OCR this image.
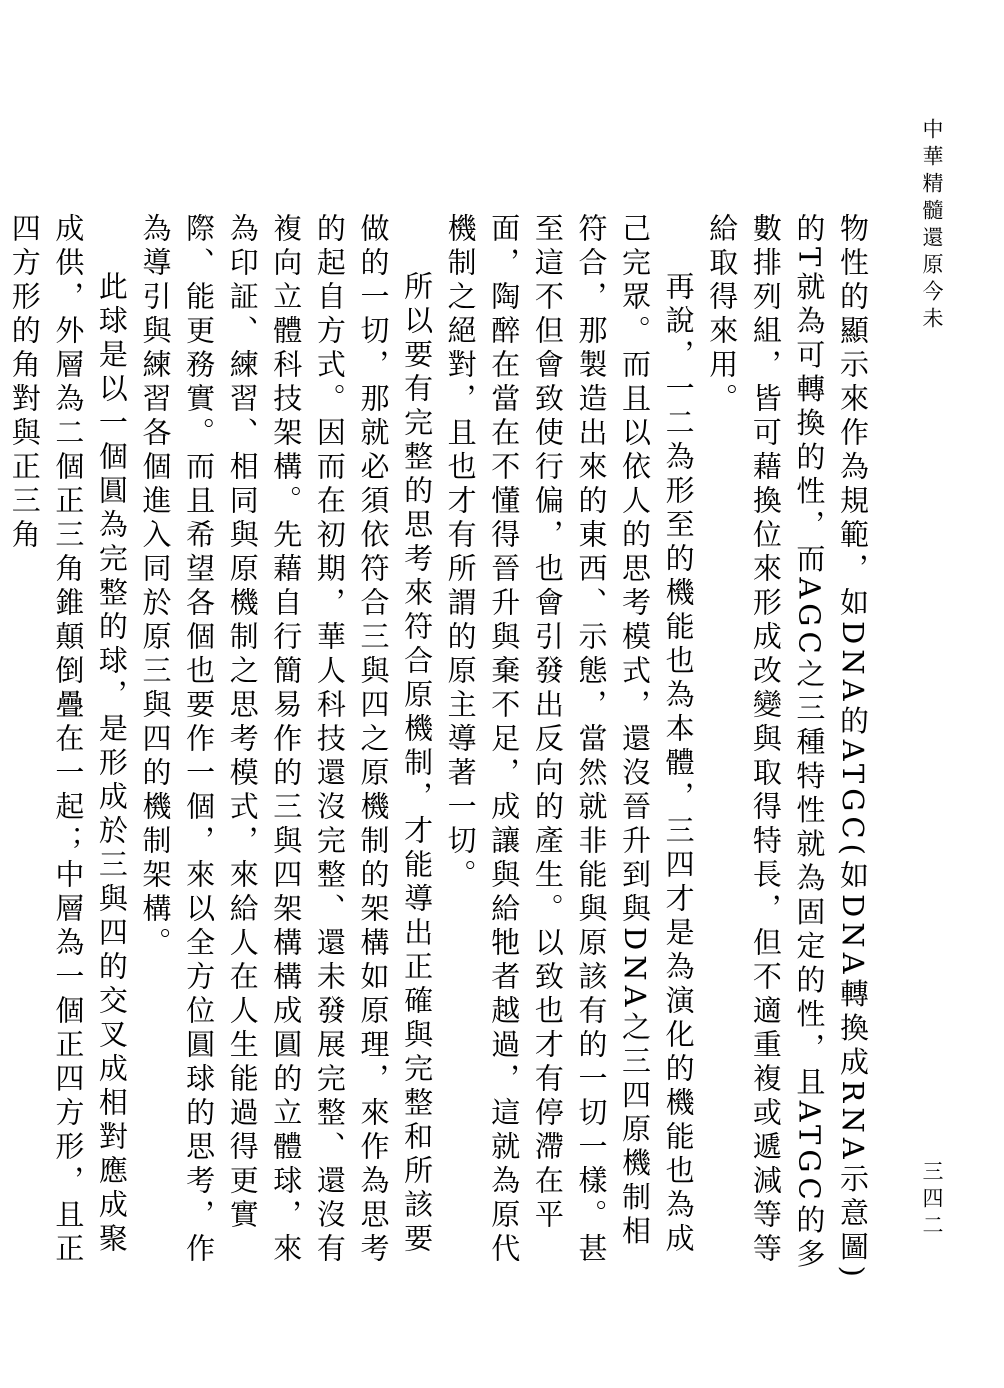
中華精髓還原今未
三四二

物性的顯示來作為規範，如DNA的ATGC(如DNA轉換成RNA示意圖)的T就為可轉換的性，而AGC之三種特性就為固定的性，且ATGC的多數排列組，皆可藉換位來形成改變與取得特長，但不適重複或遞減等等給取得來用。

再說，一二為形至的機能也為本體，三四才是為演化的機能也為成己完眾。而且以依人的思考模式，還沒晉升到與DNA之三四原機制相符合，那製造出來的東西、示態，當然就非能與原該有的一切一樣。甚至這不但會致使行偏，也會引發出反向的產生。以致也才有停滯在平面，陶醉在當在不懂得晉升與棄不足，成讓與給牠者越過，這就為原代機制之絕對，且也才有所謂的原主導著一切。

所以要有完整的思考來符合原機制，才能導出正確與完整和所該要做的一切，那就必須依符合三與四之原機制的架構如原理，來作為思考的起自方式。因而在初期，華人科技還沒完整、還未發展完整、還沒有複向立體科技架構。先藉自行簡易作的三與四架構構成圓的立體球，來為印証、練習、相同與原機制之思考模式，來給人在人生能過得更實際、能更務實。而且希望各個也要作一個，來以全方位圓球的思考，作為導引與練習各個進入同於原三與四的機制架構。

此球是以一個圓為完整的球，是形成於三與四的交叉成相對應成聚成供，外層為二個正三角錐顛倒疊在一起；中層為一個正四方形，且正四方形的角對與正三角
